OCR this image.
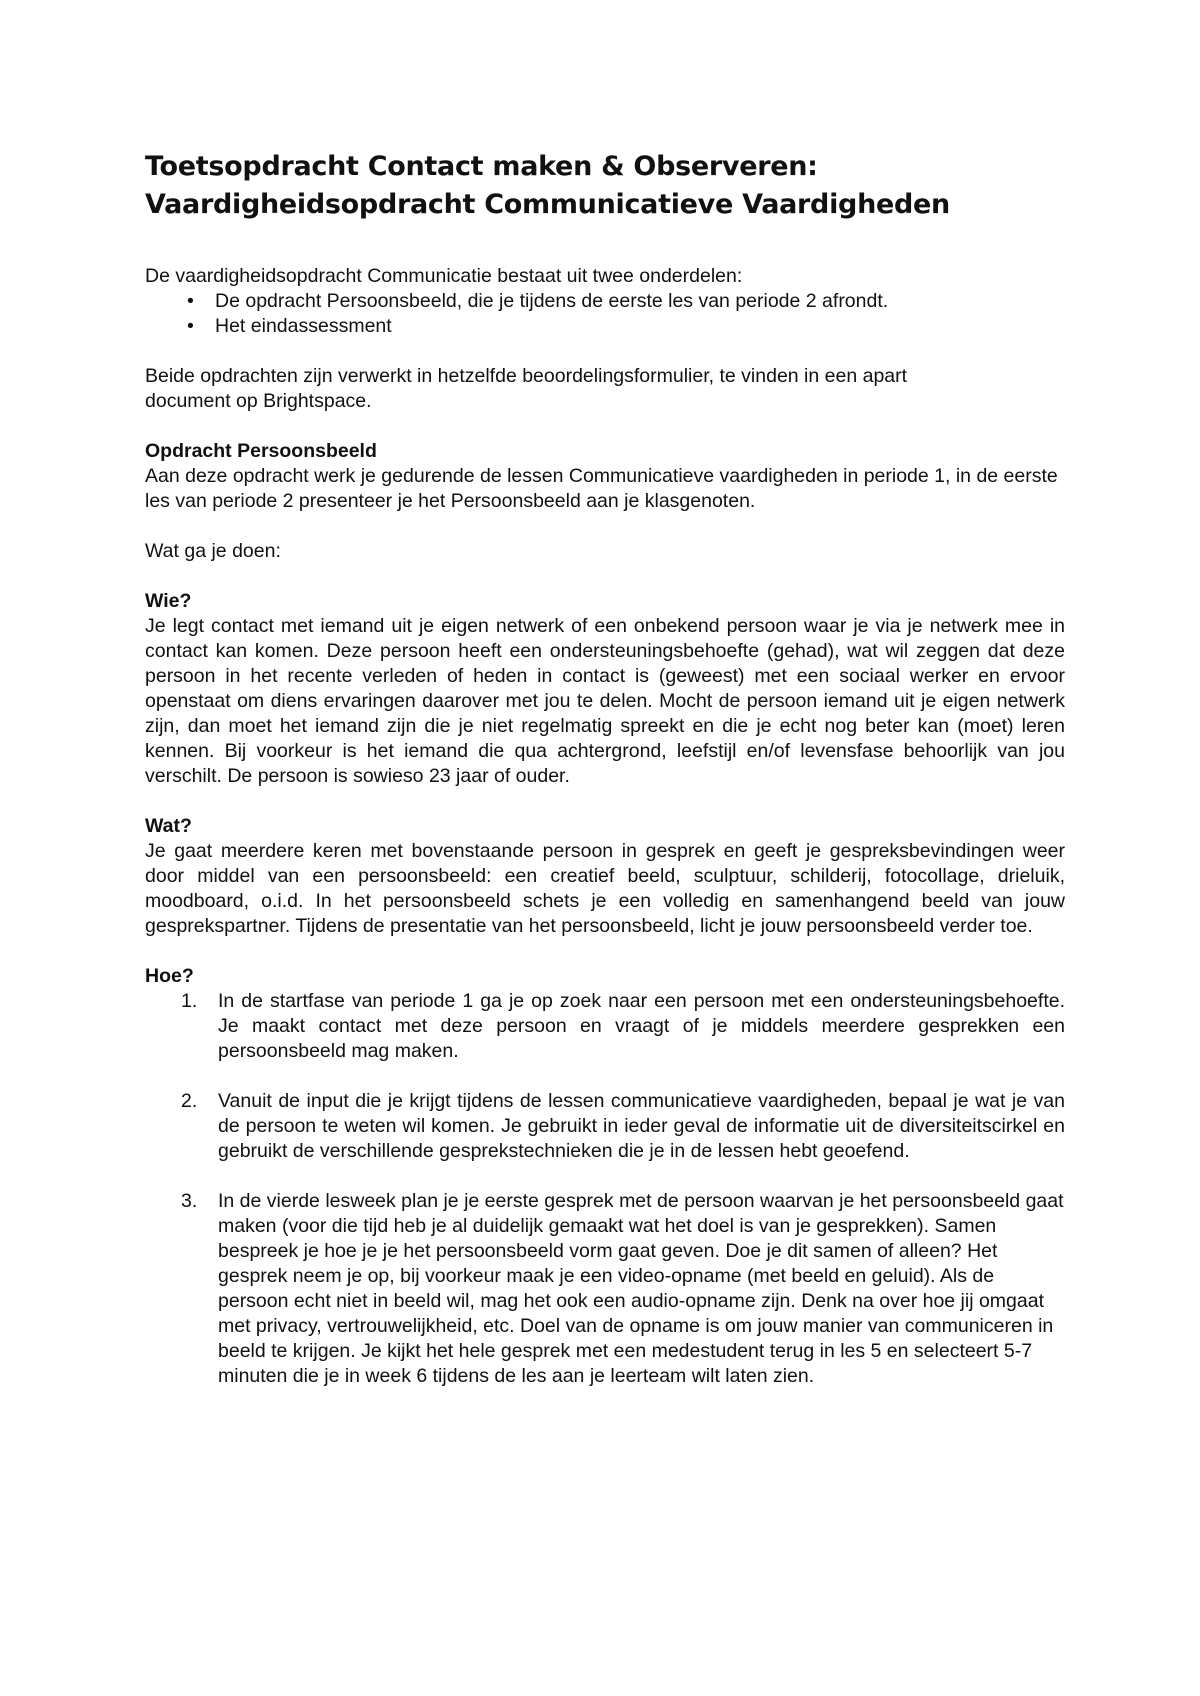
Toetsopdracht Contact maken & Observeren:
Vaardigheidsopdracht Communicatieve Vaardigheden

De vaardigheidsopdracht Communicatie bestaat uit twee onderdelen:

• De opdracht Persoonsbeeld, die je tijdens de eerste les van periode 2 afrondt.
• Het eindassessment

Beide opdrachten zijn verwerkt in hetzelfde beoordelingsformulier, te vinden in een apart document op Brightspace.

Opdracht Persoonsbeeld

Aan deze opdracht werk je gedurende de lessen Communicatieve vaardigheden in periode 1, in de eerste les van periode 2 presenteer je het Persoonsbeeld aan je klasgenoten.

Wat ga je doen:

Wie?

Je legt contact met iemand uit je eigen netwerk of een onbekend persoon waar je via je netwerk mee in contact kan komen. Deze persoon heeft een ondersteuningsbehoefte (gehad), wat wil zeggen dat deze persoon in het recente verleden of heden in contact is (geweest) met een sociaal werker en ervoor openstaat om diens ervaringen daarover met jou te delen. Mocht de persoon iemand uit je eigen netwerk zijn, dan moet het iemand zijn die je niet regelmatig spreekt en die je echt nog beter kan (moet) leren kennen. Bij voorkeur is het iemand die qua achtergrond, leefstijl en/of levensfase behoorlijk van jou verschilt. De persoon is sowieso 23 jaar of ouder.

Wat?

Je gaat meerdere keren met bovenstaande persoon in gesprek en geeft je gespreksbevindingen weer door middel van een persoonsbeeld: een creatief beeld, sculptuur, schilderij, fotocollage, drieluik, moodboard, o.i.d. In het persoonsbeeld schets je een volledig en samenhangend beeld van jouw gesprekspartner. Tijdens de presentatie van het persoonsbeeld, licht je jouw persoonsbeeld verder toe.

Hoe?

1. In de startfase van periode 1 ga je op zoek naar een persoon met een ondersteuningsbehoefte. Je maakt contact met deze persoon en vraagt of je middels meerdere gesprekken een persoonsbeeld mag maken.
2. Vanuit de input die je krijgt tijdens de lessen communicatieve vaardigheden, bepaal je wat je van de persoon te weten wil komen. Je gebruikt in ieder geval de informatie uit de diversiteitscirkel en gebruikt de verschillende gesprekstechnieken die je in de lessen hebt geoefend.
3. In de vierde lesweek plan je je eerste gesprek met de persoon waarvan je het persoonsbeeld gaat maken (voor die tijd heb je al duidelijk gemaakt wat het doel is van je gesprekken). Samen bespreek je hoe je je het persoonsbeeld vorm gaat geven. Doe je dit samen of alleen? Het gesprek neem je op, bij voorkeur maak je een video-opname (met beeld en geluid). Als de persoon echt niet in beeld wil, mag het ook een audio-opname zijn. Denk na over hoe jij omgaat met privacy, vertrouwelijkheid, etc. Doel van de opname is om jouw manier van communiceren in beeld te krijgen. Je kijkt het hele gesprek met een medestudent terug in les 5 en selecteert 5-7 minuten die je in week 6 tijdens de les aan je leerteam wilt laten zien.
